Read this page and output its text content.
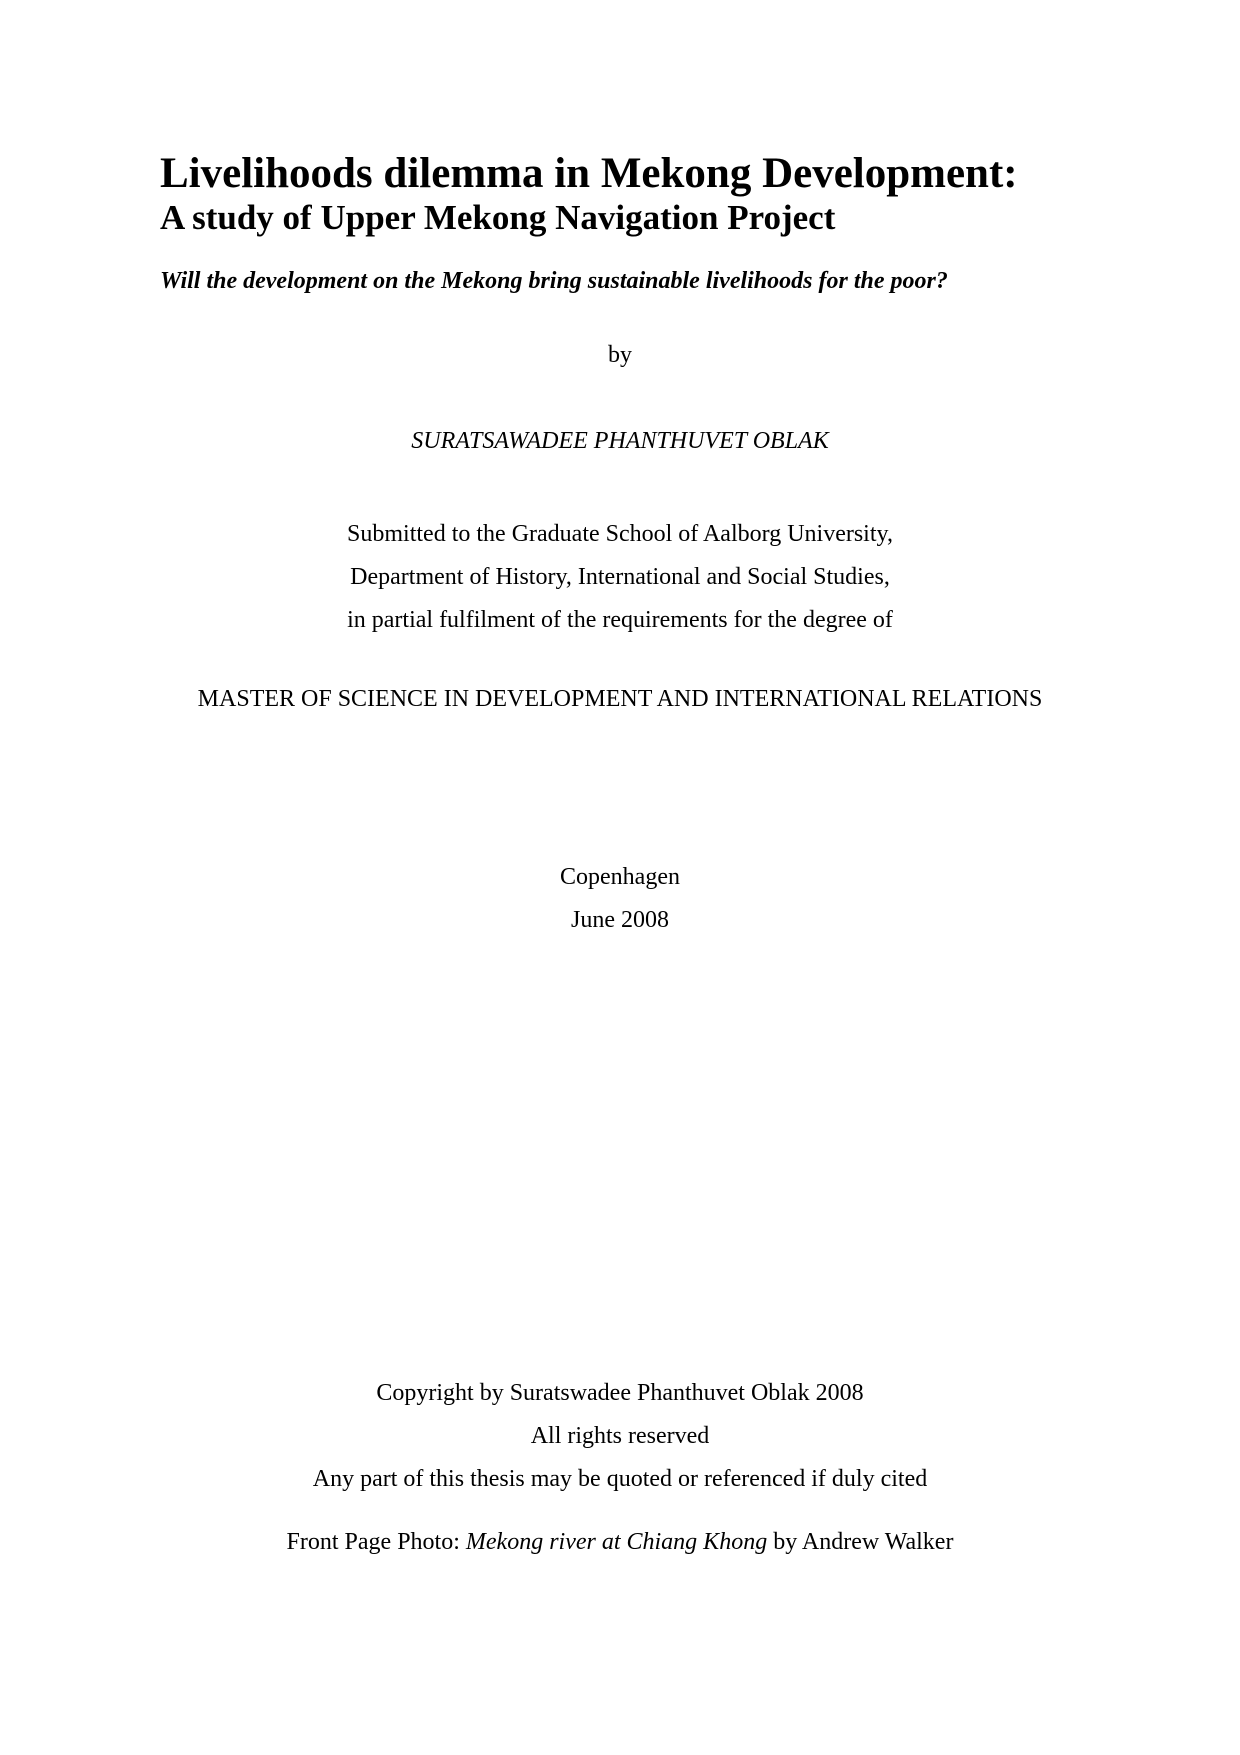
Livelihoods dilemma in Mekong Development:
A study of Upper Mekong Navigation Project

Will the development on the Mekong bring sustainable livelihoods for the poor?

by

SURATSAWADEE PHANTHUVET OBLAK

Submitted to the Graduate School of Aalborg University,
Department of History, International and Social Studies,
in partial fulfilment of the requirements for the degree of

MASTER OF SCIENCE IN DEVELOPMENT AND INTERNATIONAL RELATIONS

Copenhagen
June 2008
Copyright by Suratswadee Phanthuvet Oblak 2008
All rights reserved
Any part of this thesis may be quoted or referenced if duly cited

Front Page Photo: Mekong river at Chiang Khong by Andrew Walker
